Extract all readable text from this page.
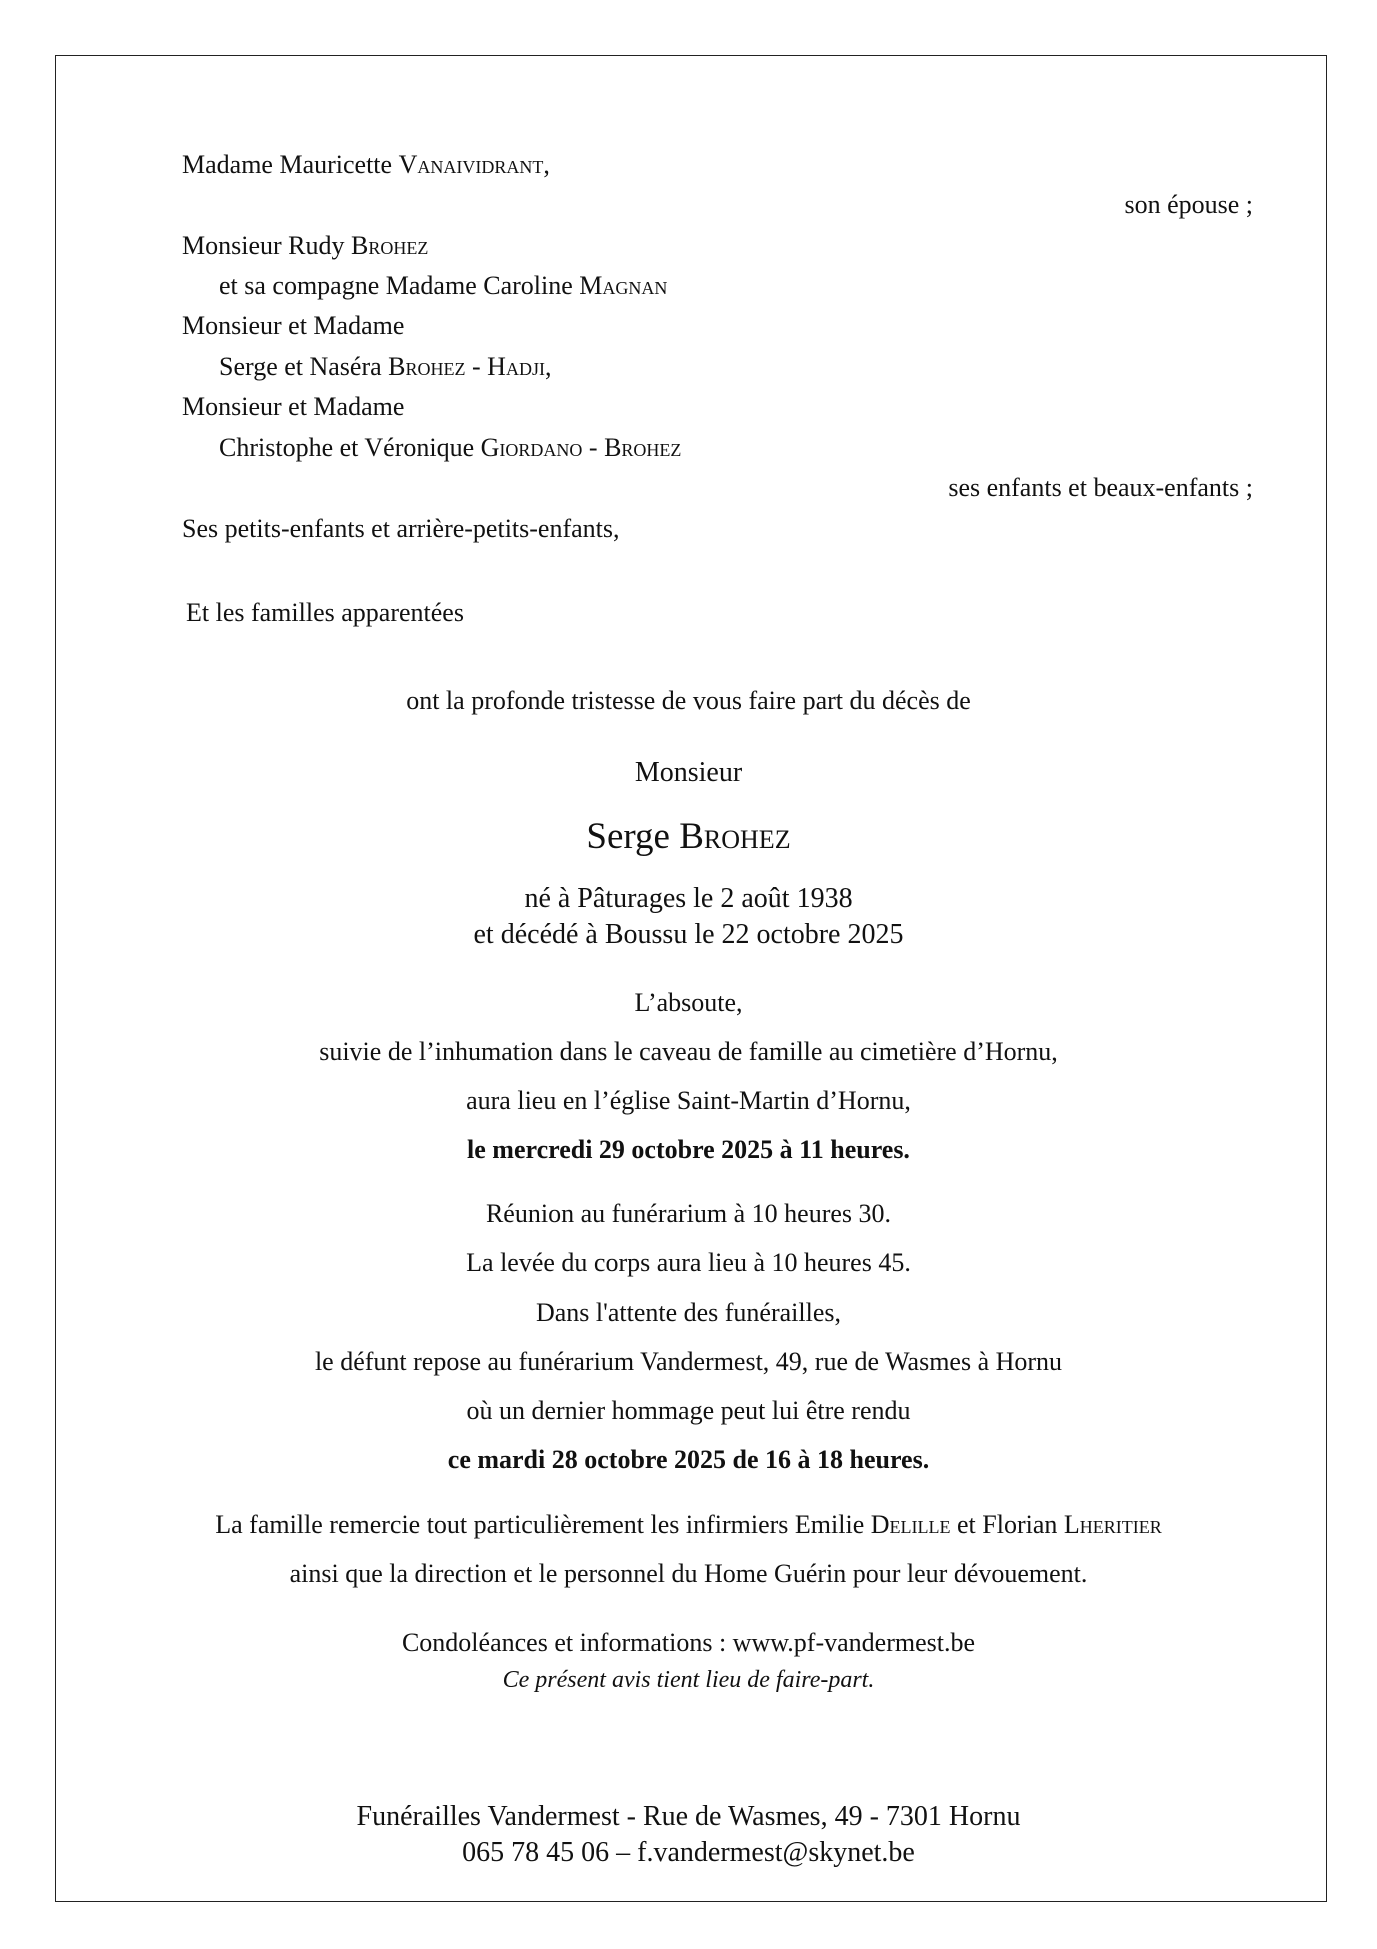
Madame Mauricette Vanaividrant,
son épouse ;
Monsieur Rudy Brohez
et sa compagne Madame Caroline Magnan
Monsieur et Madame
Serge et Naséra Brohez - Hadji,
Monsieur et Madame
Christophe et Véronique Giordano - Brohez
ses enfants et beaux-enfants ;
Ses petits-enfants et arrière-petits-enfants,
Et les familles apparentées
ont la profonde tristesse de vous faire part du décès de
Monsieur
Serge Brohez
né à Pâturages le 2 août 1938
et décédé à Boussu le 22 octobre 2025
L’absoute,
suivie de l’inhumation dans le caveau de famille au cimetière d’Hornu,
aura lieu en l’église Saint-Martin d’Hornu,
le mercredi 29 octobre 2025 à 11 heures.
Réunion au funérarium à 10 heures 30.
La levée du corps aura lieu à 10 heures 45.
Dans l'attente des funérailles,
le défunt repose au funérarium Vandermest, 49, rue de Wasmes à Hornu
où un dernier hommage peut lui être rendu
ce mardi 28 octobre 2025 de 16 à 18 heures.
La famille remercie tout particulièrement les infirmiers Emilie Delille et Florian Lheritier
ainsi que la direction et le personnel du Home Guérin pour leur dévouement.
Condoléances et informations : www.pf-vandermest.be
Ce présent avis tient lieu de faire-part.
Funérailles Vandermest - Rue de Wasmes, 49 - 7301 Hornu
065 78 45 06 – f.vandermest@skynet.be
